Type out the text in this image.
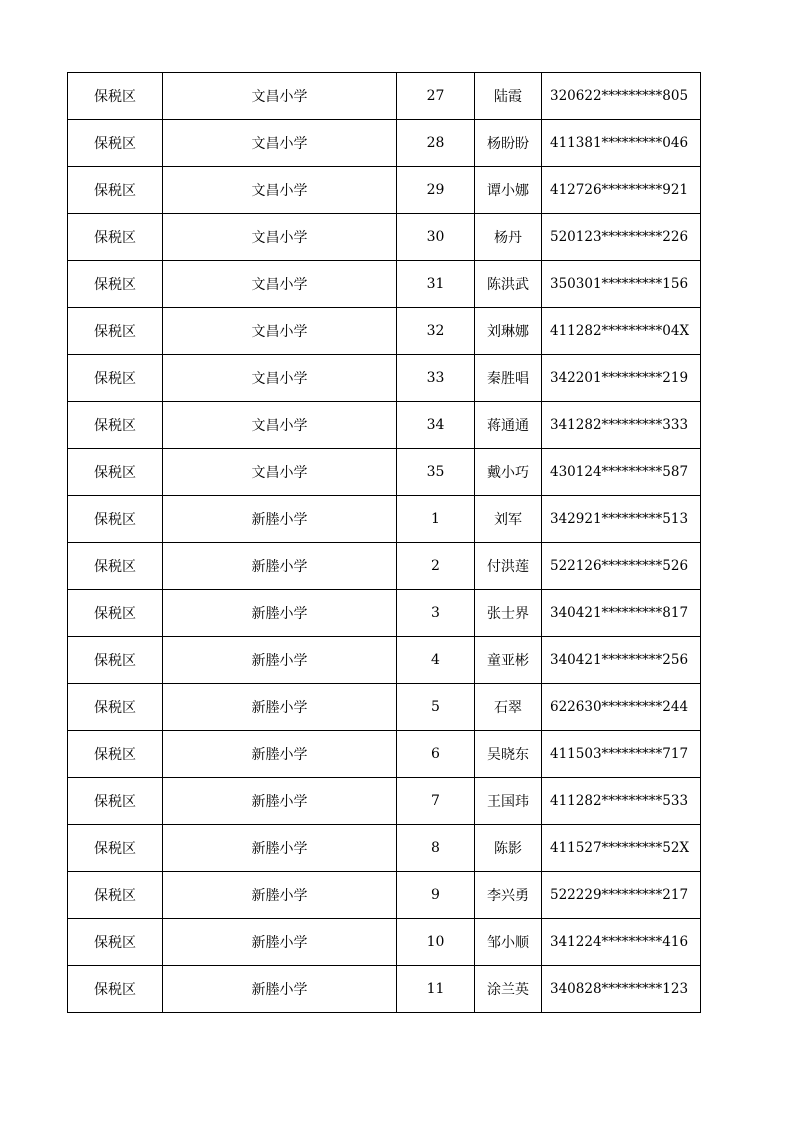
保税区	文昌小学	27	陆霞	320622*********805
保税区	文昌小学	28	杨盼盼	411381*********046
保税区	文昌小学	29	谭小娜	412726*********921
保税区	文昌小学	30	杨丹	520123*********226
保税区	文昌小学	31	陈洪武	350301*********156
保税区	文昌小学	32	刘琳娜	411282*********04X
保税区	文昌小学	33	秦胜唱	342201*********219
保税区	文昌小学	34	蒋通通	341282*********333
保税区	文昌小学	35	戴小巧	430124*********587
保税区	新塍小学	1	刘军	342921*********513
保税区	新塍小学	2	付洪莲	522126*********526
保税区	新塍小学	3	张士界	340421*********817
保税区	新塍小学	4	童亚彬	340421*********256
保税区	新塍小学	5	石翠	622630*********244
保税区	新塍小学	6	吴晓东	411503*********717
保税区	新塍小学	7	王国玮	411282*********533
保税区	新塍小学	8	陈影	411527*********52X
保税区	新塍小学	9	李兴勇	522229*********217
保税区	新塍小学	10	邹小顺	341224*********416
保税区	新塍小学	11	涂兰英	340828*********123
